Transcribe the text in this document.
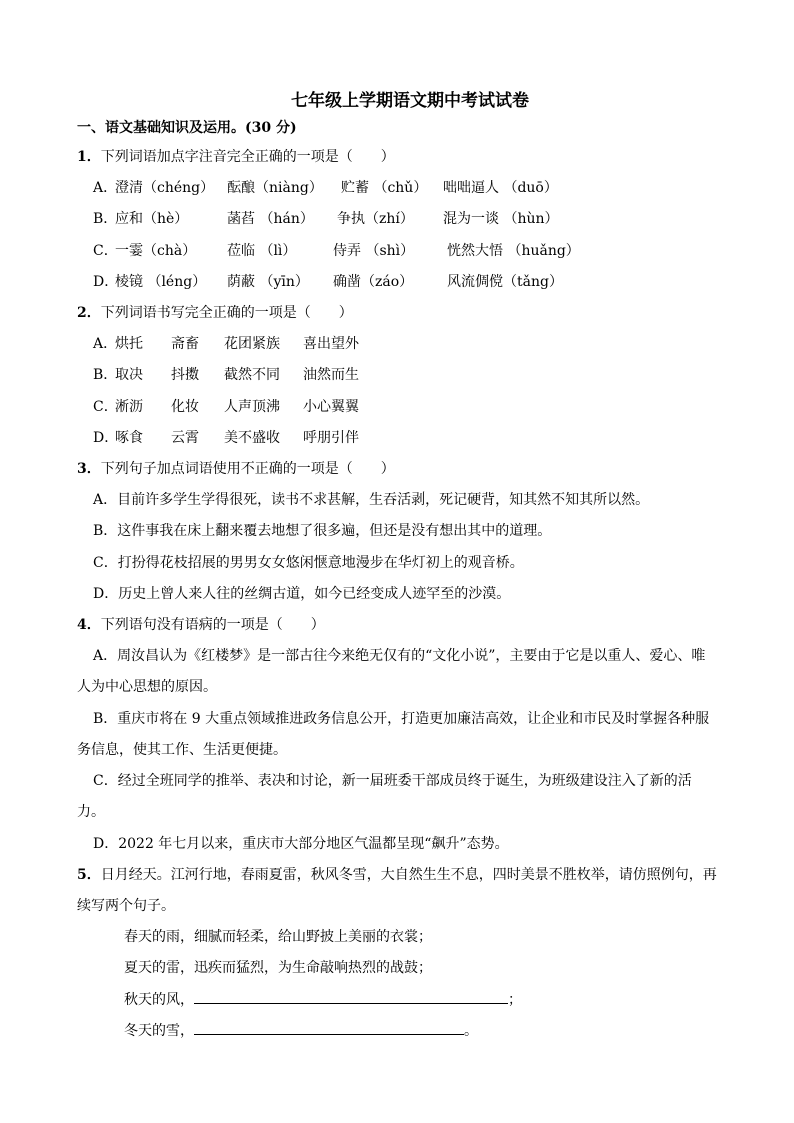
七年级上学期语文期中考试试卷
一、语文基础知识及运用。(30 分)
1．下列词语加点字注音完全正确的一项是（　　）
A．
澄清（chéng） 酝酿（niàng） 贮蓄 （chǔ） 咄咄逼人 （duō）
B．
应和（hè）	菡萏 （hán） 争执（zhí） 混为一谈 （hùn）
C．
一霎（chà） 莅临 （lì）	侍弄 （shì） 恍然大悟 （huǎng）
D．
棱镜 （léng） 荫蔽 （yīn） 确凿（záo） 风流倜傥（tǎng）
2．下列词语书写完全正确的一项是（　　）
A．
烘托 斋畜 花团紧族 喜出望外
B．
取决 抖擞 截然不同 油然而生
C．
淅沥 化妆 人声顶沸 小心翼翼
D．
啄食 云霄 美不盛收 呼朋引伴
3．下列句子加点词语使用不正确的一项是（　　）
A．目前许多学生学得很死，读书不求甚解，生吞活剥，死记硬背，知其然不知其所以然。
B．这件事我在床上翻来覆去地想了很多遍，但还是没有想出其中的道理。
C．打扮得花枝招展的男男女女悠闲惬意地漫步在华灯初上的观音桥。
D．历史上曾人来人往的丝绸古道，如今已经变成人迹罕至的沙漠。
4．下列语句没有语病的一项是（　　）
A．周汝昌认为《红楼梦》是一部古往今来绝无仅有的“文化小说”，主要由于它是以重人、爱心、唯
人为中心思想的原因。
B．重庆市将在 9 大重点领域推进政务信息公开，打造更加廉洁高效，让企业和市民及时掌握各种服
务信息，使其工作、生活更便捷。
C．经过全班同学的推举、表决和讨论，新一届班委干部成员终于诞生，为班级建设注入了新的活
力。
D．2022 年七月以来，重庆市大部分地区气温都呈现“飙升”态势。
5．日月经天。江河行地，春雨夏雷，秋风冬雪，大自然生生不息，四时美景不胜枚举，请仿照例句，再
续写两个句子。
春天的雨，细腻而轻柔，给山野披上美丽的衣裳；
夏天的雷，迅疾而猛烈，为生命敲响热烈的战鼓；
秋天的风，	；
冬天的雪，	。
